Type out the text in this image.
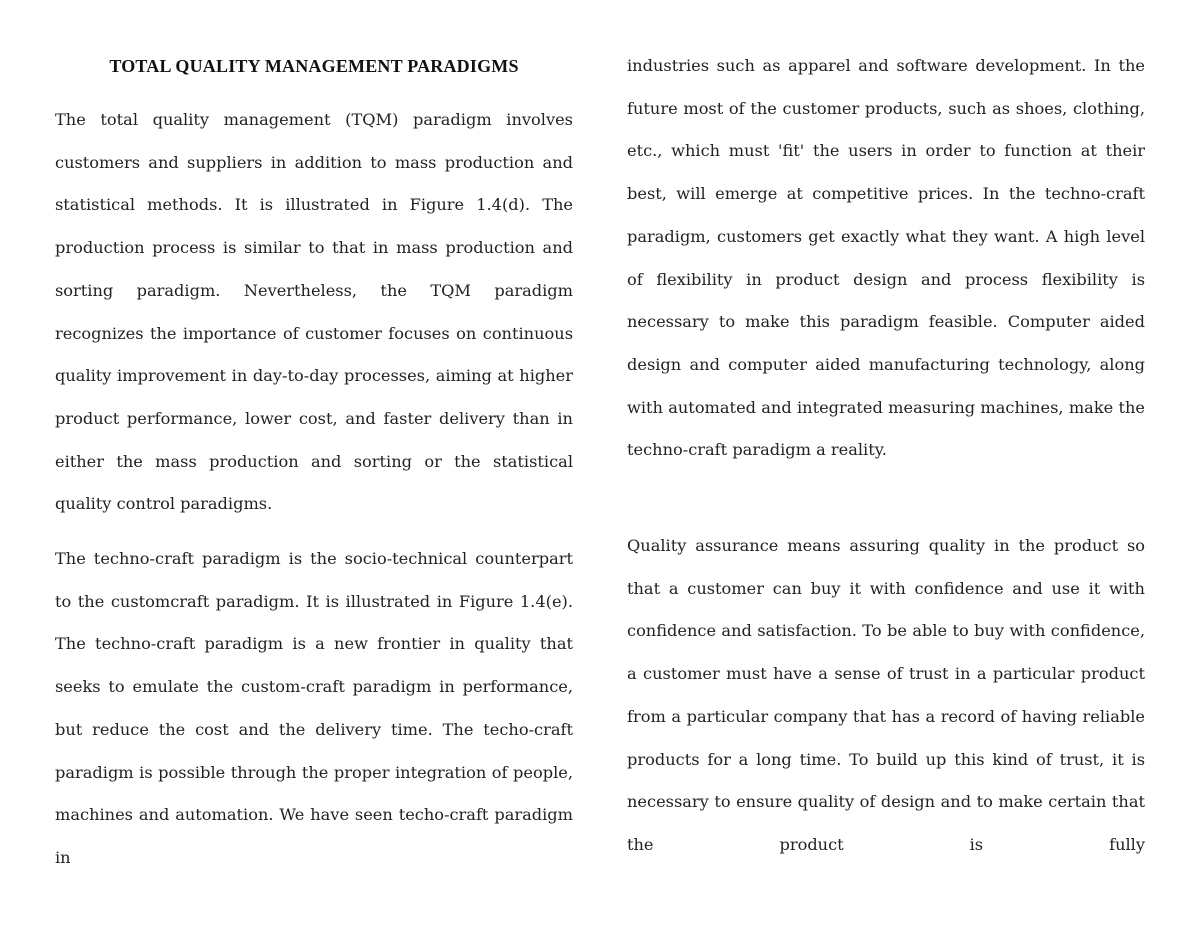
TOTAL QUALITY MANAGEMENT PARADIGMS

The total quality management (TQM) paradigm involves customers and suppliers in addition to mass production and statistical methods. It is illustrated in Figure 1.4(d). The production process is similar to that in mass production and sorting paradigm. Nevertheless, the TQM paradigm recognizes the importance of customer focuses on continuous quality improvement in day-to-day processes, aiming at higher product performance, lower cost, and faster delivery than in either the mass production and sorting or the statistical quality control paradigms.

The techno-craft paradigm is the socio-technical counterpart to the customcraft paradigm. It is illustrated in Figure 1.4(e). The techno-craft paradigm is a new frontier in quality that seeks to emulate the custom-craft paradigm in performance, but reduce the cost and the delivery time. The techo-craft paradigm is possible through the proper integration of people, machines and automation. We have seen techo-craft paradigm in

industries such as apparel and software development. In the future most of the customer products, such as shoes, clothing, etc., which must 'fit' the users in order to function at their best, will emerge at competitive prices. In the techno-craft paradigm, customers get exactly what they want. A high level of flexibility in product design and process flexibility is necessary to make this paradigm feasible. Computer aided design and computer aided manufacturing technology, along with automated and integrated measuring machines, make the techno-craft paradigm a reality.

Quality assurance means assuring quality in the product so that a customer can buy it with confidence and use it with confidence and satisfaction. To be able to buy with confidence, a customer must have a sense of trust in a particular product from a particular company that has a record of having reliable products for a long time. To build up this kind of trust, it is necessary to ensure quality of design and to make certain that the product is fully
